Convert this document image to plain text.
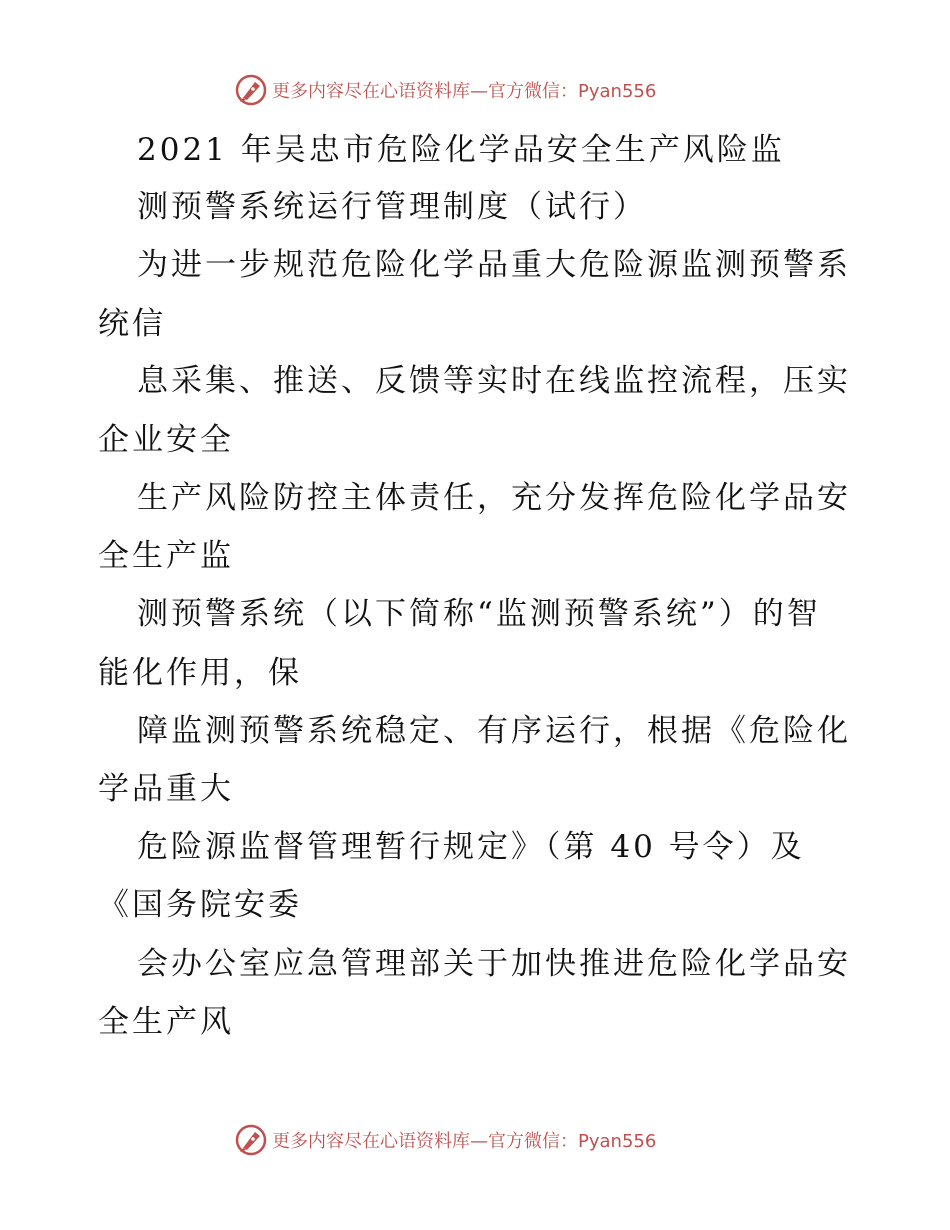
更多内容尽在心语资料库—官方微信：Pyan556
2021 年吴忠市危险化学品安全生产风险监
测预警系统运行管理制度（试行）
为进一步规范危险化学品重大危险源监测预警系
统信
息采集、推送、反馈等实时在线监控流程，压实
企业安全
生产风险防控主体责任，充分发挥危险化学品安
全生产监
测预警系统（以下简称“监测预警系统”）的智
能化作用，保
障监测预警系统稳定、有序运行，根据《危险化
学品重大
危险源监督管理暂行规定》（第 40 号令）及
《国务院安委
会办公室应急管理部关于加快推进危险化学品安
全生产风
更多内容尽在心语资料库—官方微信：Pyan556
